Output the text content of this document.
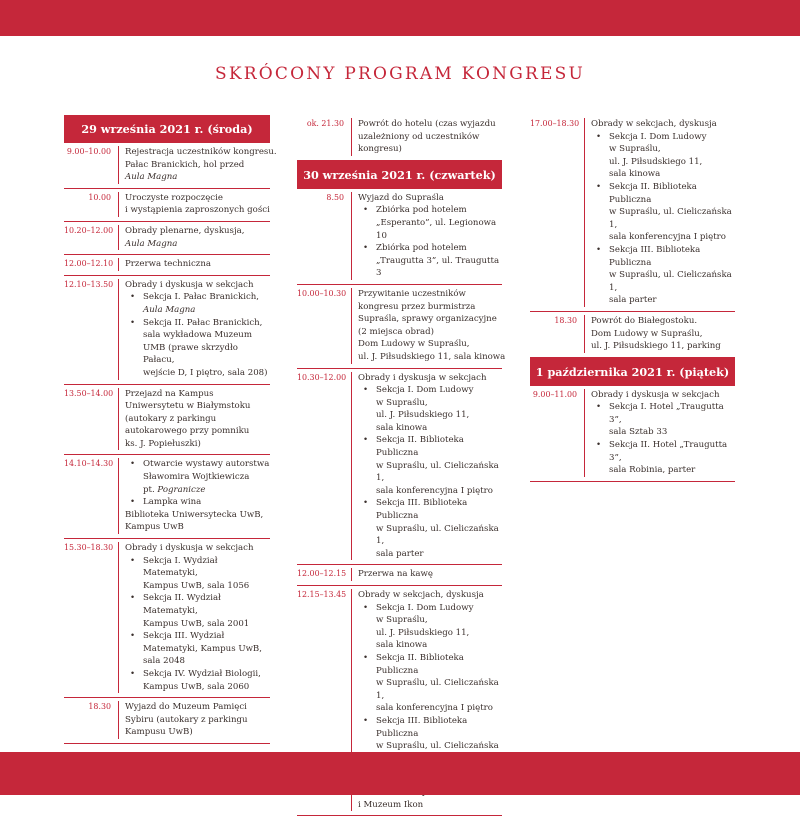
SKRÓCONY PROGRAM KONGRESU
29 września 2021 r. (środa)
9.00–10.00	Rejestracja uczestników kongresu.
Pałac Branickich, hol przed
Aula Magna
10.00	Uroczyste rozpoczęcie
i wystąpienia zaproszonych gości
10.20–12.00	Obrady plenarne, dyskusja,
Aula Magna
12.00–12.10	Przerwa techniczna
12.10–13.50	Obrady i dyskusja w sekcjach
• Sekcja I. Pałac Branickich,
Aula Magna
• Sekcja II. Pałac Branickich,
sala wykładowa Muzeum
UMB (prawe skrzydło Pałacu,
wejście D, I piętro, sala 208)
13.50–14.00	Przejazd na Kampus
Uniwersytetu w Białymstoku
(autokary z parkingu
autokarowego przy pomniku
ks. J. Popiełuszki)
14.10–14.30
•	Otwarcie wystawy autorstwa
Sławomira Wojtkiewicza
pt. Pograniczе
• Lampka wina
Biblioteka Uniwersytecka UwB,
Kampus UwB
15.30–18.30	Obrady i dyskusja w sekcjach
• Sekcja I. Wydział Matematyki,
Kampus UwB, sala 1056
• Sekcja II. Wydział Matematyki,
Kampus UwB, sala 2001
• Sekcja III. Wydział
Matematyki, Kampus UwB,
sala 2048
• Sekcja IV. Wydział Biologii,
Kampus UwB, sala 2060
18.30	Wyjazd do Muzeum Pamięci
Sybiru (autokary z parkingu
Kampusu UwB)
ok. 21.30	Powrót do hotelu (czas wyjazdu
uzależniony od uczestników
kongresu)
30 września 2021 r. (czwartek)
8.50	Wyjazd do Supraśla
• Zbiórka pod hotelem
„Esperanto”, ul. Legionowa 10
• Zbiórka pod hotelem
„Traugutta 3”, ul. Traugutta 3
10.00–10.30	Przywitanie uczestników
kongresu przez burmistrza
Supraśla, sprawy organizacyjne
(2 miejsca obrad)
Dom Ludowy w Supraślu,
ul. J. Piłsudskiego 11, sala kinowa
10.30–12.00	Obrady i dyskusja w sekcjach
• Sekcja I. Dom Ludowy
w Supraślu,
ul. J. Piłsudskiego 11,
sala kinowa
• Sekcja II. Biblioteka Publiczna
w Supraślu, ul. Cieliczańska 1,
sala konferencyjna I piętro
• Sekcja III. Biblioteka Publiczna
w Supraślu, ul. Cieliczańska 1,
sala parter
12.00–12.15	Przerwa na kawę
12.15–13.45	Obrady w sekcjach, dyskusja
• Sekcja I. Dom Ludowy
w Supraślu,
ul. J. Piłsudskiego 11,
sala kinowa
• Sekcja II. Biblioteka Publiczna
w Supraślu, ul. Cieliczańska 1,
sala konferencyjna I piętro
• Sekcja III. Biblioteka Publiczna
w Supraślu, ul. Cieliczańska
i Muzeum Ikon
17.00–18.30	Obrady w sekcjach, dyskusja
• Sekcja I. Dom Ludowy
w Supraślu,
ul. J. Piłsudskiego 11,
sala kinowa
• Sekcja II. Biblioteka Publiczna
w Supraślu, ul. Cieliczańska 1,
sala konferencyjna I piętro
• Sekcja III. Biblioteka Publiczna
w Supraślu, ul. Cieliczańska 1,
sala parter
18.30	Powrót do Białegostoku.
Dom Ludowy w Supraślu,
ul. J. Piłsudskiego 11, parking
1 października 2021 r. (piątek)
9.00–11.00	Obrady i dyskusja w sekcjach
• Sekcja I. Hotel „Traugutta 3”,
sala Sztab 33
• Sekcja II. Hotel „Traugutta 3”,
sala Robinia, parter
